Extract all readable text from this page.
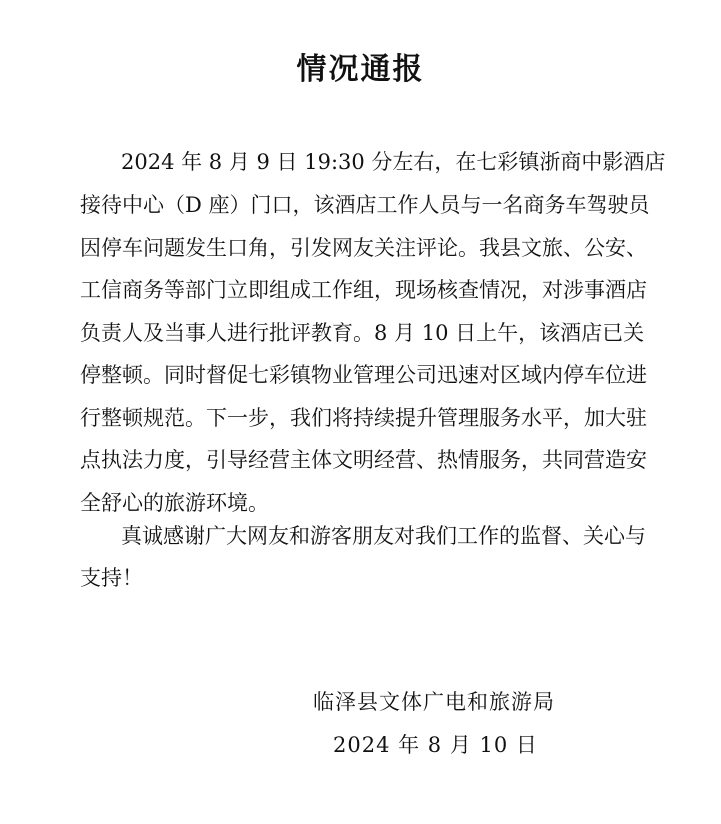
情况通报
2024 年 8 月 9 日 19:30 分左右，在七彩镇浙商中影酒店
接待中心（D 座）门口，该酒店工作人员与一名商务车驾驶员
因停车问题发生口角，引发网友关注评论。我县文旅、公安、
工信商务等部门立即组成工作组，现场核查情况，对涉事酒店
负责人及当事人进行批评教育。8 月 10 日上午，该酒店已关
停整顿。同时督促七彩镇物业管理公司迅速对区域内停车位进
行整顿规范。下一步，我们将持续提升管理服务水平，加大驻
点执法力度，引导经营主体文明经营、热情服务，共同营造安
全舒心的旅游环境。
真诚感谢广大网友和游客朋友对我们工作的监督、关心与
支持！
临泽县文体广电和旅游局
2024 年 8 月 10 日
